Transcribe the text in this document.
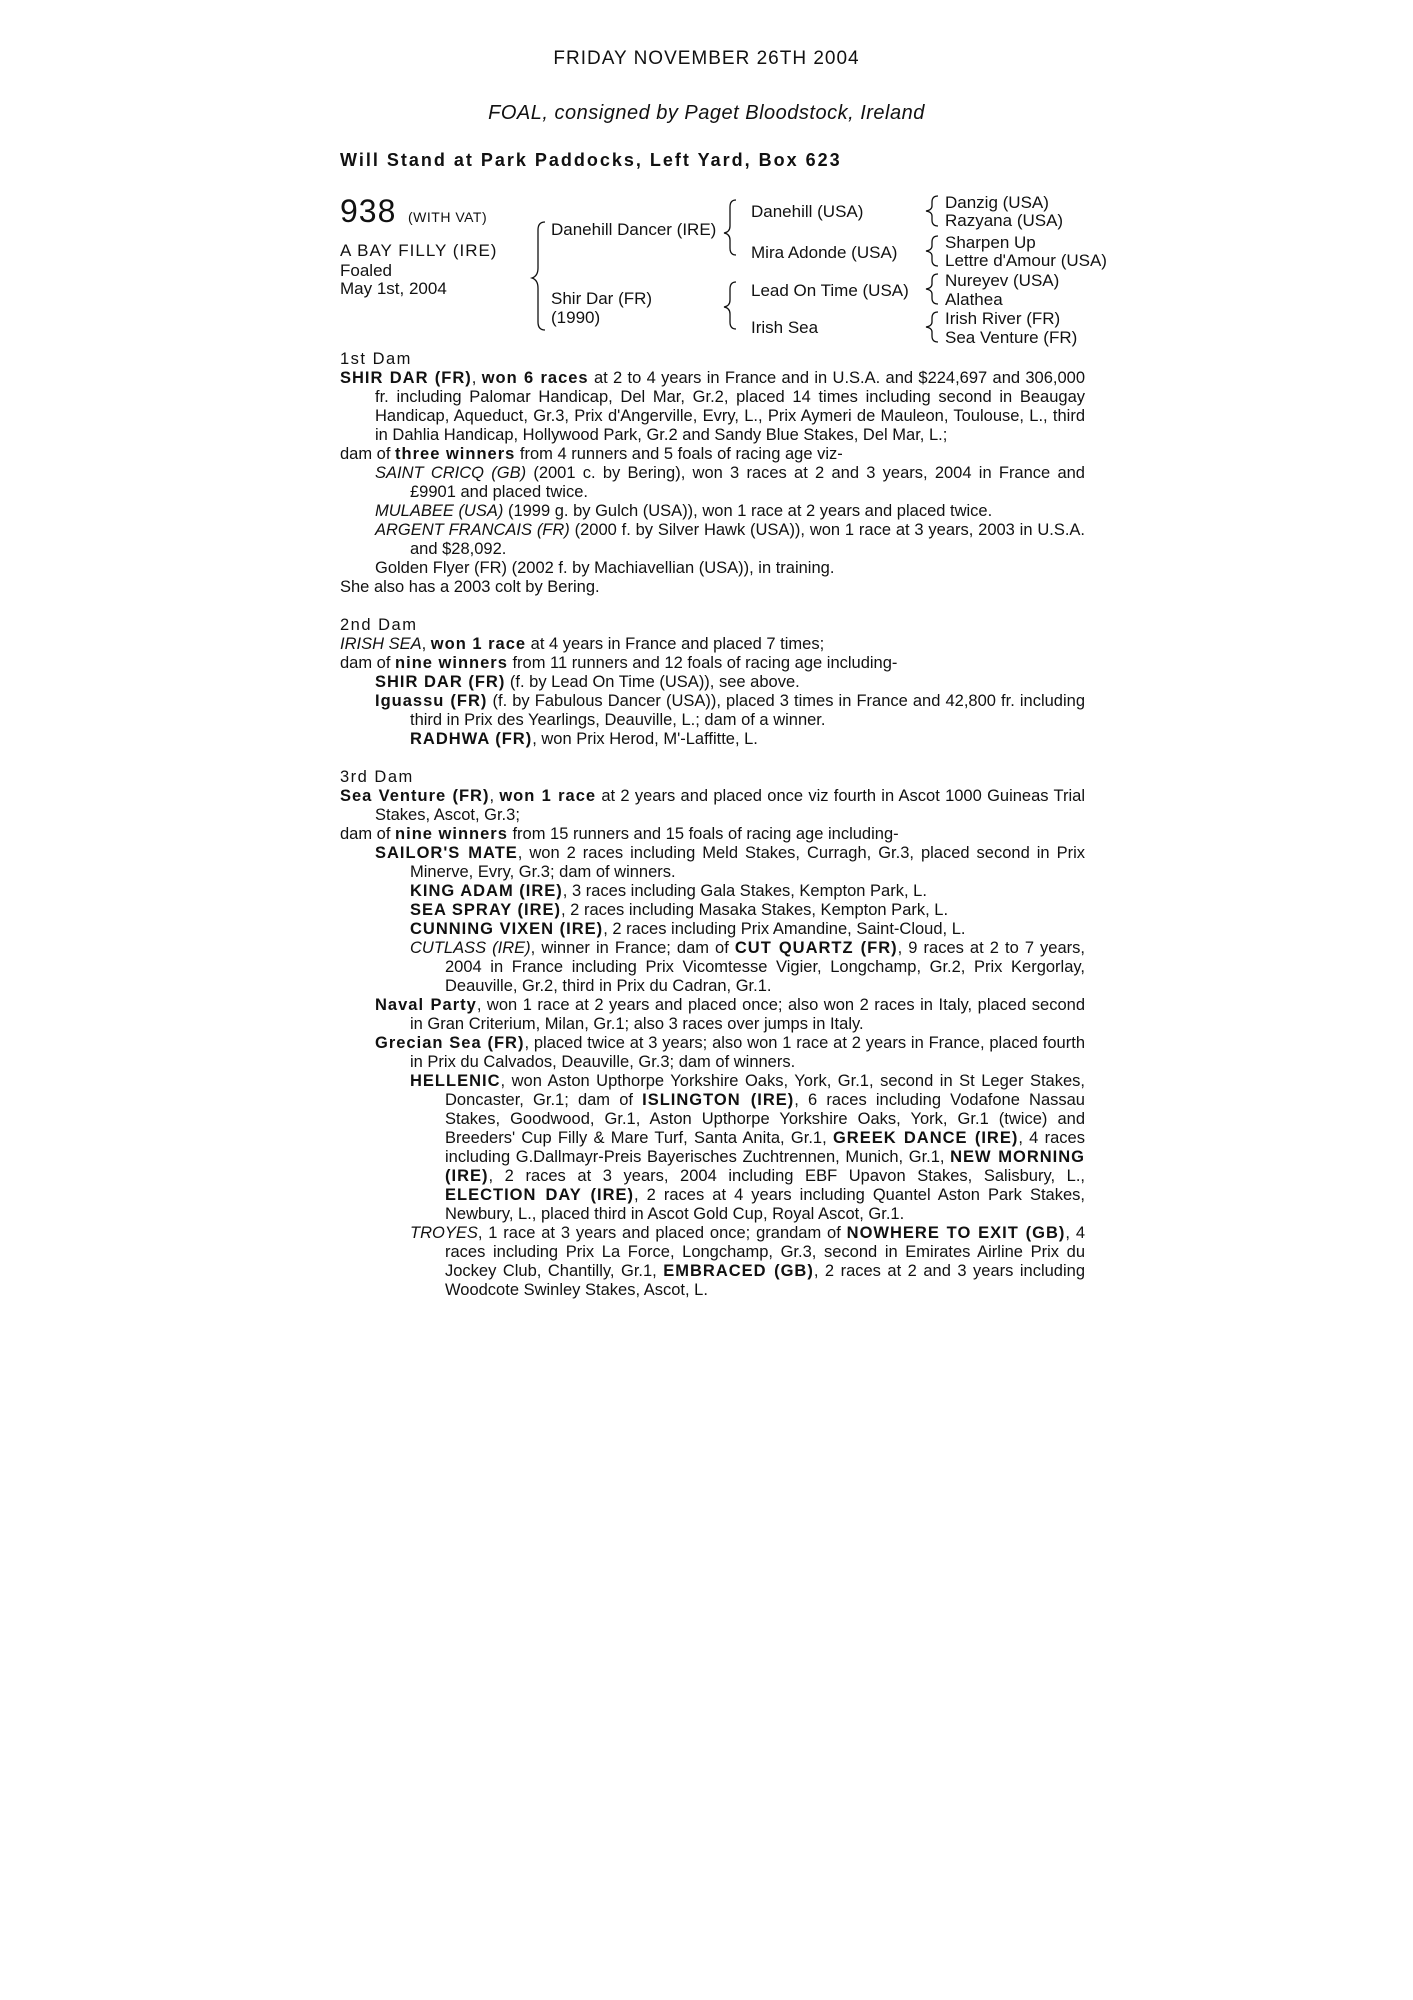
FRIDAY NOVEMBER 26TH 2004
FOAL, consigned by Paget Bloodstock, Ireland
Will Stand at Park Paddocks, Left Yard, Box 623
938 (WITH VAT)
A BAY FILLY (IRE)
Foaled
May 1st, 2004
Danehill Dancer (IRE)
Shir Dar (FR)
(1990)
Danehill (USA)
Mira Adonde (USA)
Lead On Time (USA)
Irish Sea
Danzig (USA)
Razyana (USA)
Sharpen Up
Lettre d'Amour (USA)
Nureyev (USA)
Alathea
Irish River (FR)
Sea Venture (FR)

1st Dam

SHIR DAR (FR), won 6 races at 2 to 4 years in France and in U.S.A. and $224,697 and 306,000 fr. including Palomar Handicap, Del Mar, Gr.2, placed 14 times including second in Beaugay Handicap, Aqueduct, Gr.3, Prix d'Angerville, Evry, L., Prix Aymeri de Mauleon, Toulouse, L., third in Dahlia Handicap, Hollywood Park, Gr.2 and Sandy Blue Stakes, Del Mar, L.;

dam of three winners from 4 runners and 5 foals of racing age viz-

SAINT CRICQ (GB) (2001 c. by Bering), won 3 races at 2 and 3 years, 2004 in France and £9901 and placed twice.

MULABEE (USA) (1999 g. by Gulch (USA)), won 1 race at 2 years and placed twice.

ARGENT FRANCAIS (FR) (2000 f. by Silver Hawk (USA)), won 1 race at 3 years, 2003 in U.S.A. and $28,092.

Golden Flyer (FR) (2002 f. by Machiavellian (USA)), in training.

She also has a 2003 colt by Bering.

2nd Dam

IRISH SEA, won 1 race at 4 years in France and placed 7 times;

dam of nine winners from 11 runners and 12 foals of racing age including-

SHIR DAR (FR) (f. by Lead On Time (USA)), see above.

Iguassu (FR) (f. by Fabulous Dancer (USA)), placed 3 times in France and 42,800 fr. including third in Prix des Yearlings, Deauville, L.; dam of a winner.

RADHWA (FR), won Prix Herod, M'-Laffitte, L.

3rd Dam

Sea Venture (FR), won 1 race at 2 years and placed once viz fourth in Ascot 1000 Guineas Trial Stakes, Ascot, Gr.3;

dam of nine winners from 15 runners and 15 foals of racing age including-

SAILOR'S MATE, won 2 races including Meld Stakes, Curragh, Gr.3, placed second in Prix Minerve, Evry, Gr.3; dam of winners.

KING ADAM (IRE), 3 races including Gala Stakes, Kempton Park, L.

SEA SPRAY (IRE), 2 races including Masaka Stakes, Kempton Park, L.

CUNNING VIXEN (IRE), 2 races including Prix Amandine, Saint-Cloud, L.

CUTLASS (IRE), winner in France; dam of CUT QUARTZ (FR), 9 races at 2 to 7 years, 2004 in France including Prix Vicomtesse Vigier, Longchamp, Gr.2, Prix Kergorlay, Deauville, Gr.2, third in Prix du Cadran, Gr.1.

Naval Party, won 1 race at 2 years and placed once; also won 2 races in Italy, placed second in Gran Criterium, Milan, Gr.1; also 3 races over jumps in Italy.

Grecian Sea (FR), placed twice at 3 years; also won 1 race at 2 years in France, placed fourth in Prix du Calvados, Deauville, Gr.3; dam of winners.

HELLENIC, won Aston Upthorpe Yorkshire Oaks, York, Gr.1, second in St Leger Stakes, Doncaster, Gr.1; dam of ISLINGTON (IRE), 6 races including Vodafone Nassau Stakes, Goodwood, Gr.1, Aston Upthorpe Yorkshire Oaks, York, Gr.1 (twice) and Breeders' Cup Filly & Mare Turf, Santa Anita, Gr.1, GREEK DANCE (IRE), 4 races including G.Dallmayr-Preis Bayerisches Zuchtrennen, Munich, Gr.1, NEW MORNING (IRE), 2 races at 3 years, 2004 including EBF Upavon Stakes, Salisbury, L., ELECTION DAY (IRE), 2 races at 4 years including Quantel Aston Park Stakes, Newbury, L., placed third in Ascot Gold Cup, Royal Ascot, Gr.1.

TROYES, 1 race at 3 years and placed once; grandam of NOWHERE TO EXIT (GB), 4 races including Prix La Force, Longchamp, Gr.3, second in Emirates Airline Prix du Jockey Club, Chantilly, Gr.1, EMBRACED (GB), 2 races at 2 and 3 years including Woodcote Swinley Stakes, Ascot, L.
